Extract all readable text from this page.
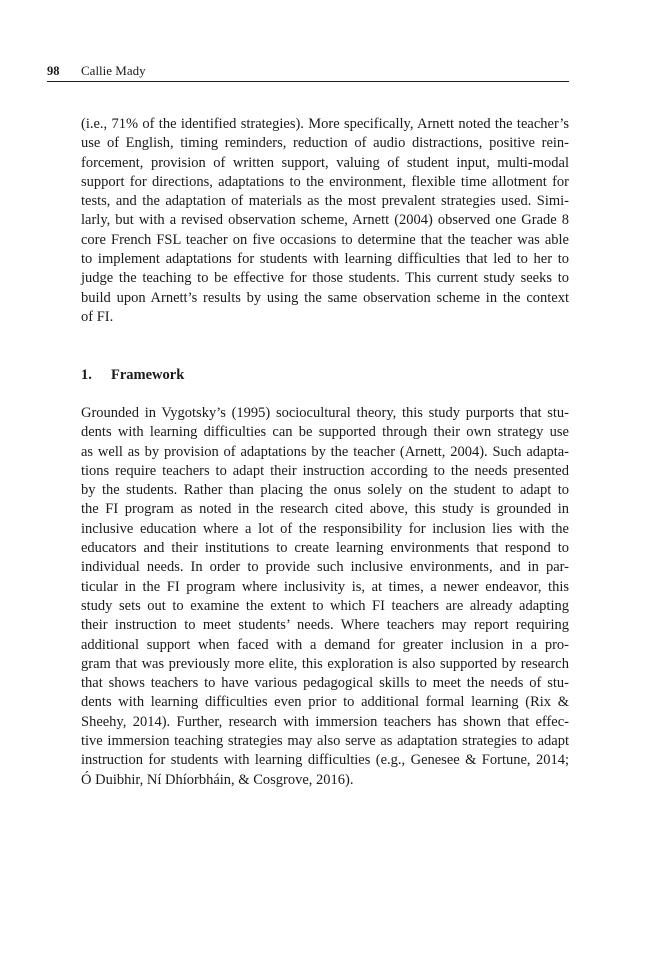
98 Callie Mady
(i.e., 71% of the identified strategies). More specifically, Arnett noted the teacher’s
use of English, timing reminders, reduction of audio distractions, positive rein-
forcement, provision of written support, valuing of student input, multi-modal
support for directions, adaptations to the environment, flexible time allotment for
tests, and the adaptation of materials as the most prevalent strategies used. Simi-
larly, but with a revised observation scheme, Arnett (2004) observed one Grade 8
core French FSL teacher on five occasions to determine that the teacher was able
to implement adaptations for students with learning difficulties that led to her to
judge the teaching to be effective for those students. This current study seeks to
build upon Arnett’s results by using the same observation scheme in the context
of FI.
1. Framework
Grounded in Vygotsky’s (1995) sociocultural theory, this study purports that stu-
dents with learning difficulties can be supported through their own strategy use
as well as by provision of adaptations by the teacher (Arnett, 2004). Such adapta-
tions require teachers to adapt their instruction according to the needs presented
by the students. Rather than placing the onus solely on the student to adapt to
the FI program as noted in the research cited above, this study is grounded in
inclusive education where a lot of the responsibility for inclusion lies with the
educators and their institutions to create learning environments that respond to
individual needs. In order to provide such inclusive environments, and in par-
ticular in the FI program where inclusivity is, at times, a newer endeavor, this
study sets out to examine the extent to which FI teachers are already adapting
their instruction to meet students’ needs. Where teachers may report requiring
additional support when faced with a demand for greater inclusion in a pro-
gram that was previously more elite, this exploration is also supported by research
that shows teachers to have various pedagogical skills to meet the needs of stu-
dents with learning difficulties even prior to additional formal learning (Rix &
Sheehy, 2014). Further, research with immersion teachers has shown that effec-
tive immersion teaching strategies may also serve as adaptation strategies to adapt
instruction for students with learning difficulties (e.g., Genesee & Fortune, 2014;
Ó Duibhir, Ní Dhíorbháin, & Cosgrove, 2016).
